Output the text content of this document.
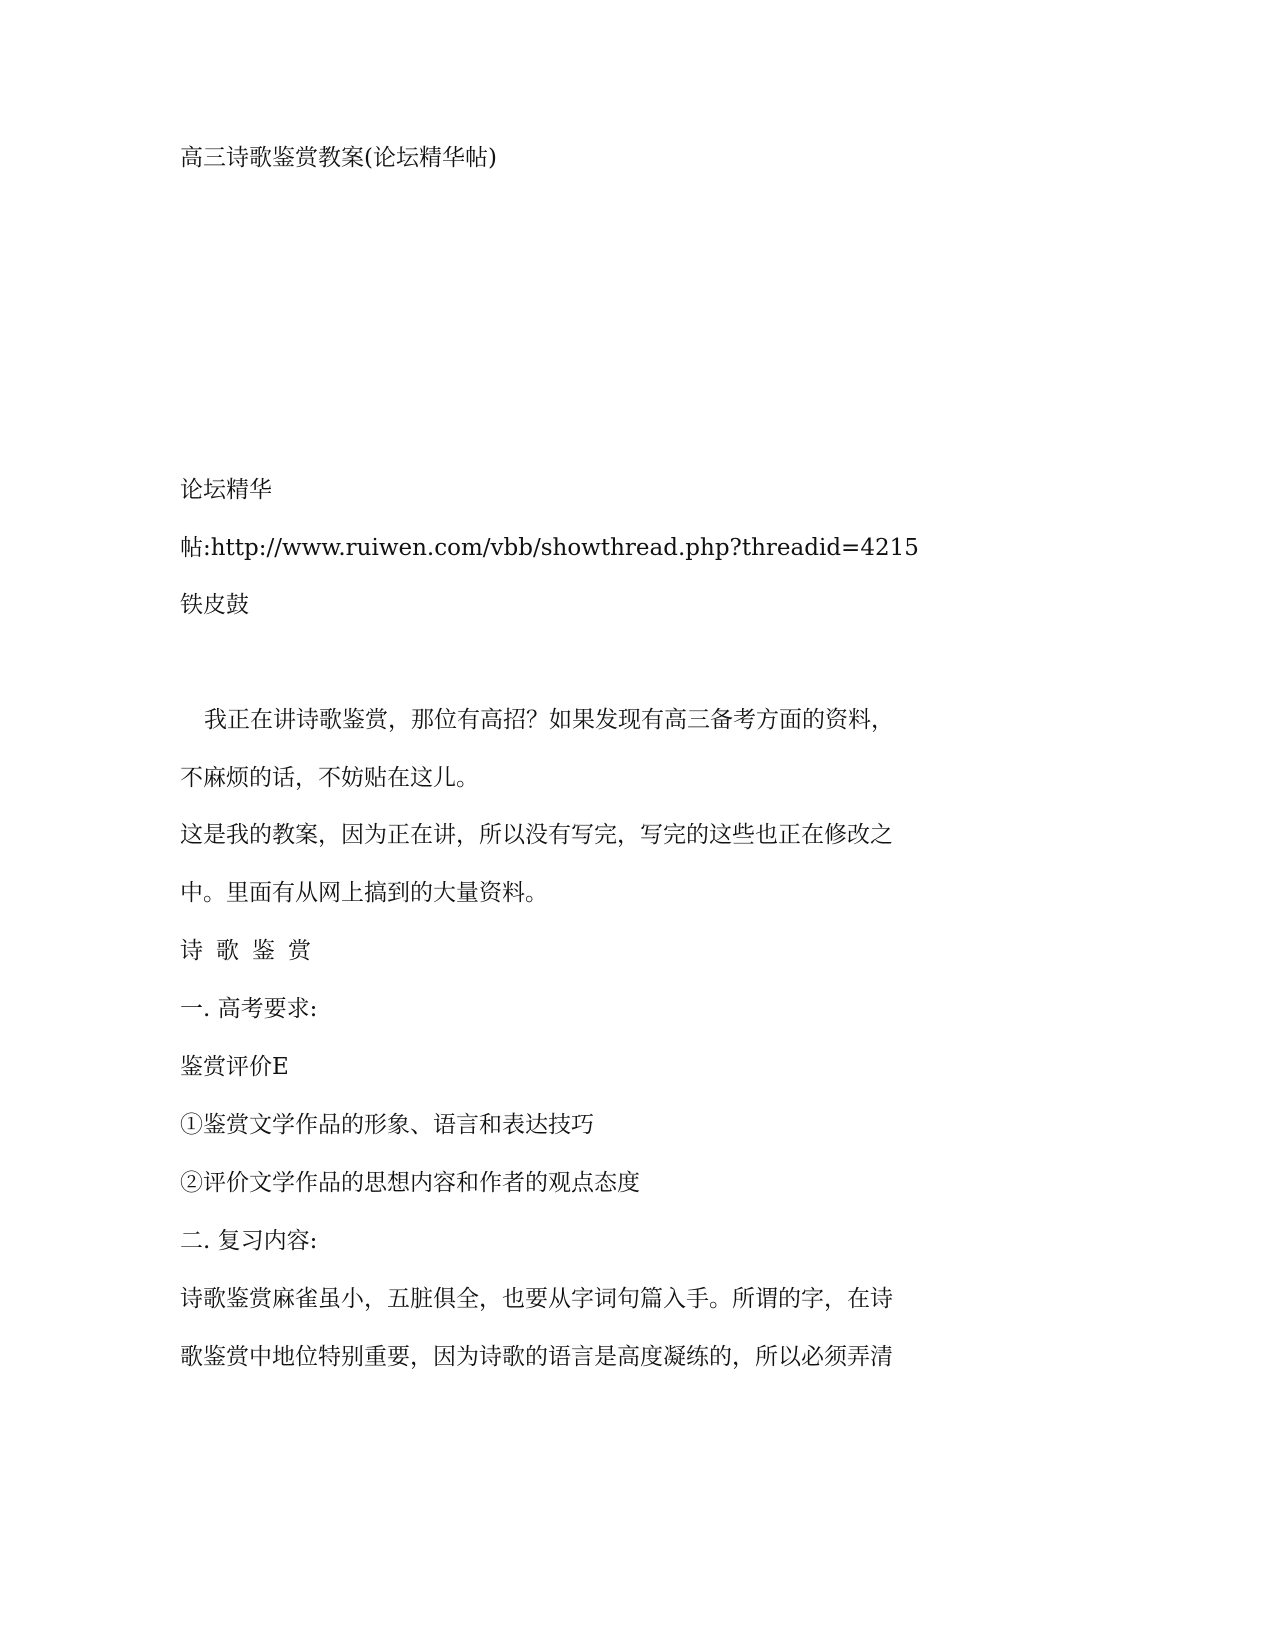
高三诗歌鉴赏教案(论坛精华帖)

论坛精华

帖:http://www.ruiwen.com/vbb/showthread.php?threadid=4215

铁皮鼓

我正在讲诗歌鉴赏，那位有高招？如果发现有高三备考方面的资料，

不麻烦的话，不妨贴在这儿。

这是我的教案，因为正在讲，所以没有写完，写完的这些也正在修改之

中。里面有从网上搞到的大量资料。

诗歌鉴赏

一. 高考要求:

鉴赏评价E

①鉴赏文学作品的形象、语言和表达技巧

②评价文学作品的思想内容和作者的观点态度

二. 复习内容:

诗歌鉴赏麻雀虽小，五脏俱全，也要从字词句篇入手。所谓的字，在诗

歌鉴赏中地位特别重要，因为诗歌的语言是高度凝练的，所以必须弄清
